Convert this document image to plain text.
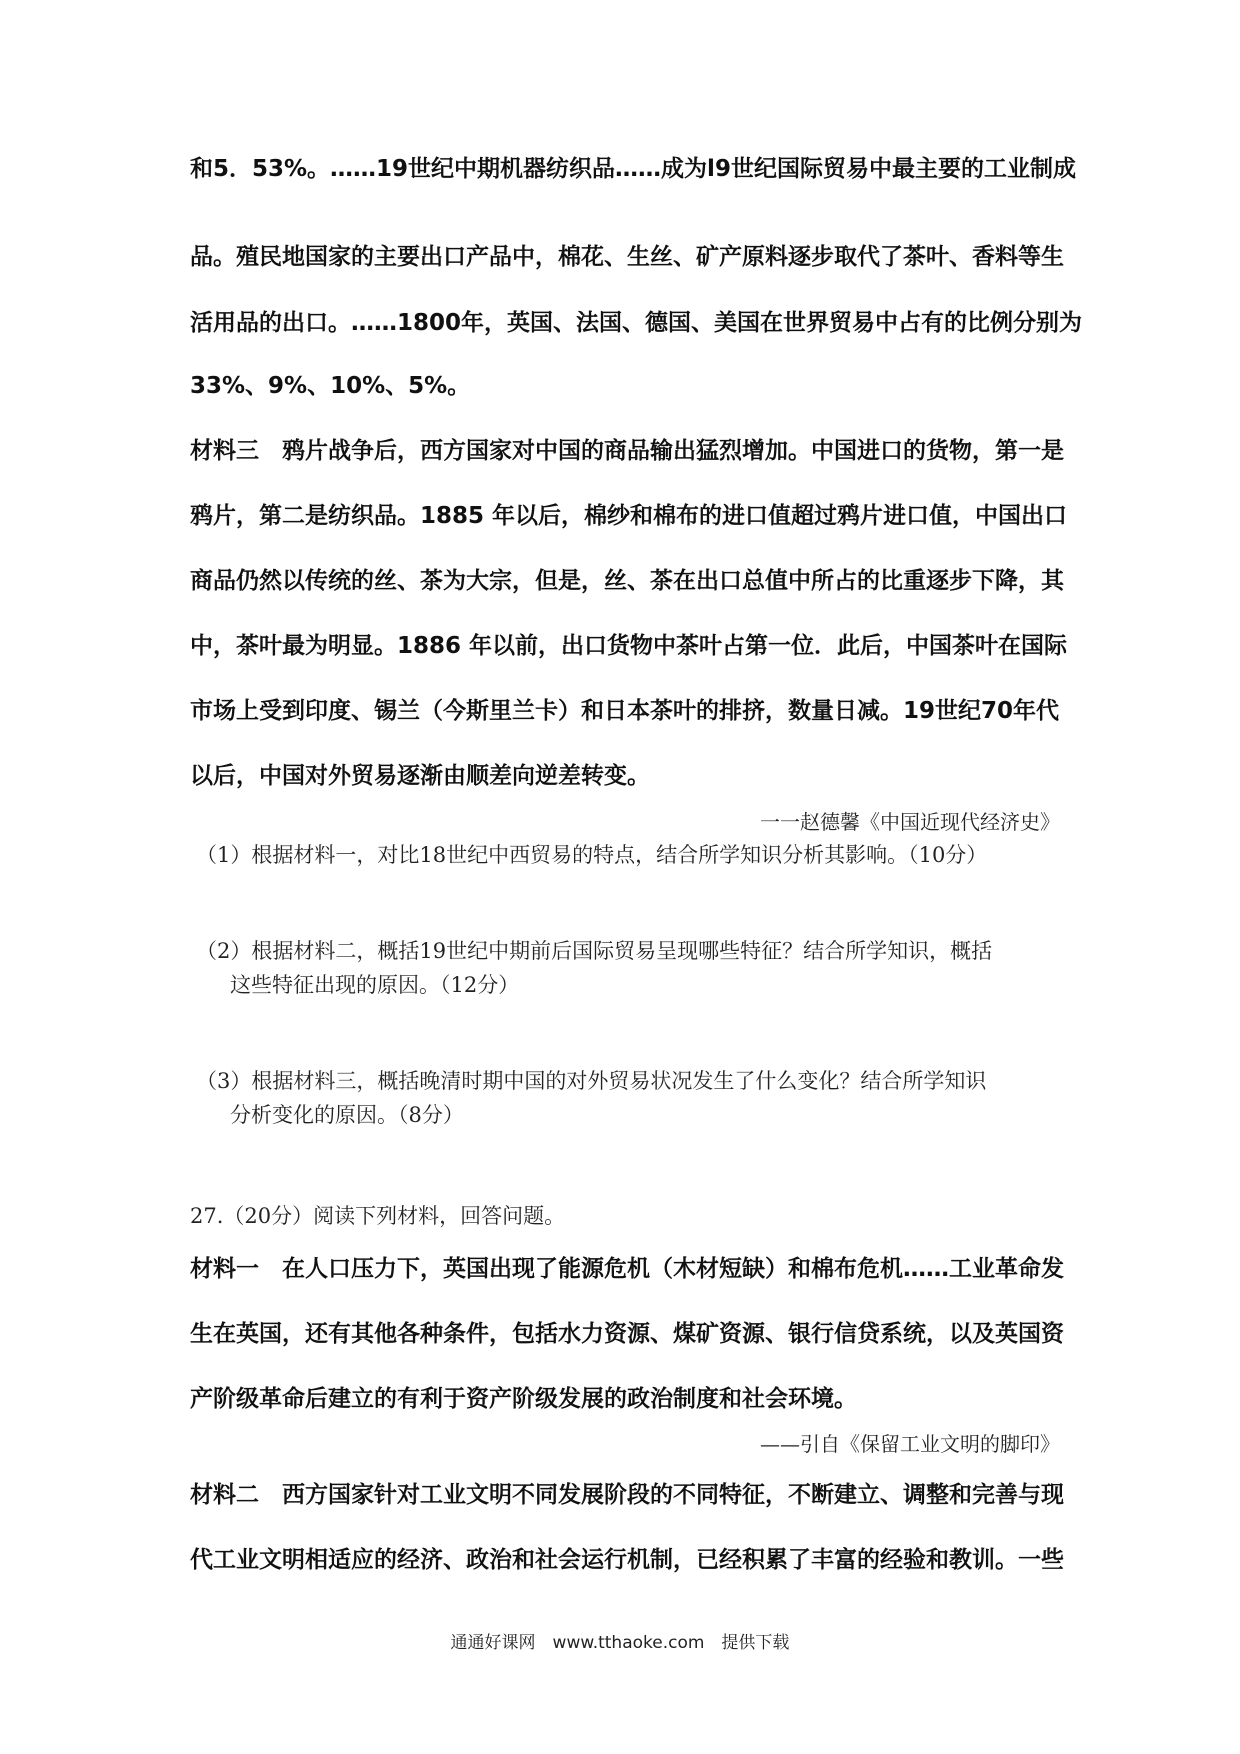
和5．53%。……19世纪中期机器纺织品……成为l9世纪国际贸易中最主要的工业制成
品。殖民地国家的主要出口产品中，棉花、生丝、矿产原料逐步取代了茶叶、香料等生
活用品的出口。……1800年，英国、法国、德国、美国在世界贸易中占有的比例分别为
33%、9%、10%、5%。
材料三　鸦片战争后，西方国家对中国的商品输出猛烈增加。中国进口的货物，第一是
鸦片，第二是纺织品。1885 年以后，棉纱和棉布的进口值超过鸦片进口值，中国出口
商品仍然以传统的丝、茶为大宗，但是，丝、茶在出口总值中所占的比重逐步下降，其
中，茶叶最为明显。1886 年以前，出口货物中茶叶占第一位．此后，中国茶叶在国际
市场上受到印度、锡兰（今斯里兰卡）和日本茶叶的排挤，数量日减。19世纪70年代
以后，中国对外贸易逐渐由顺差向逆差转变。
一一赵德馨《中国近现代经济史》
（1）根据材料一，对比18世纪中西贸易的特点，结合所学知识分析其影响。（10分）
（2）根据材料二，概括19世纪中期前后国际贸易呈现哪些特征？结合所学知识，概括
这些特征出现的原因。（12分）
（3）根据材料三，概括晚清时期中国的对外贸易状况发生了什么变化？结合所学知识
分析变化的原因。（8分）
27.（20分）阅读下列材料，回答问题。
材料一　在人口压力下，英国出现了能源危机（木材短缺）和棉布危机……工业革命发
生在英国，还有其他各种条件，包括水力资源、煤矿资源、银行信贷系统，以及英国资
产阶级革命后建立的有利于资产阶级发展的政治制度和社会环境。
——引自《保留工业文明的脚印》
材料二　西方国家针对工业文明不同发展阶段的不同特征，不断建立、调整和完善与现
代工业文明相适应的经济、政治和社会运行机制，已经积累了丰富的经验和教训。一些
通通好课网　www.tthaoke.com　提供下载
